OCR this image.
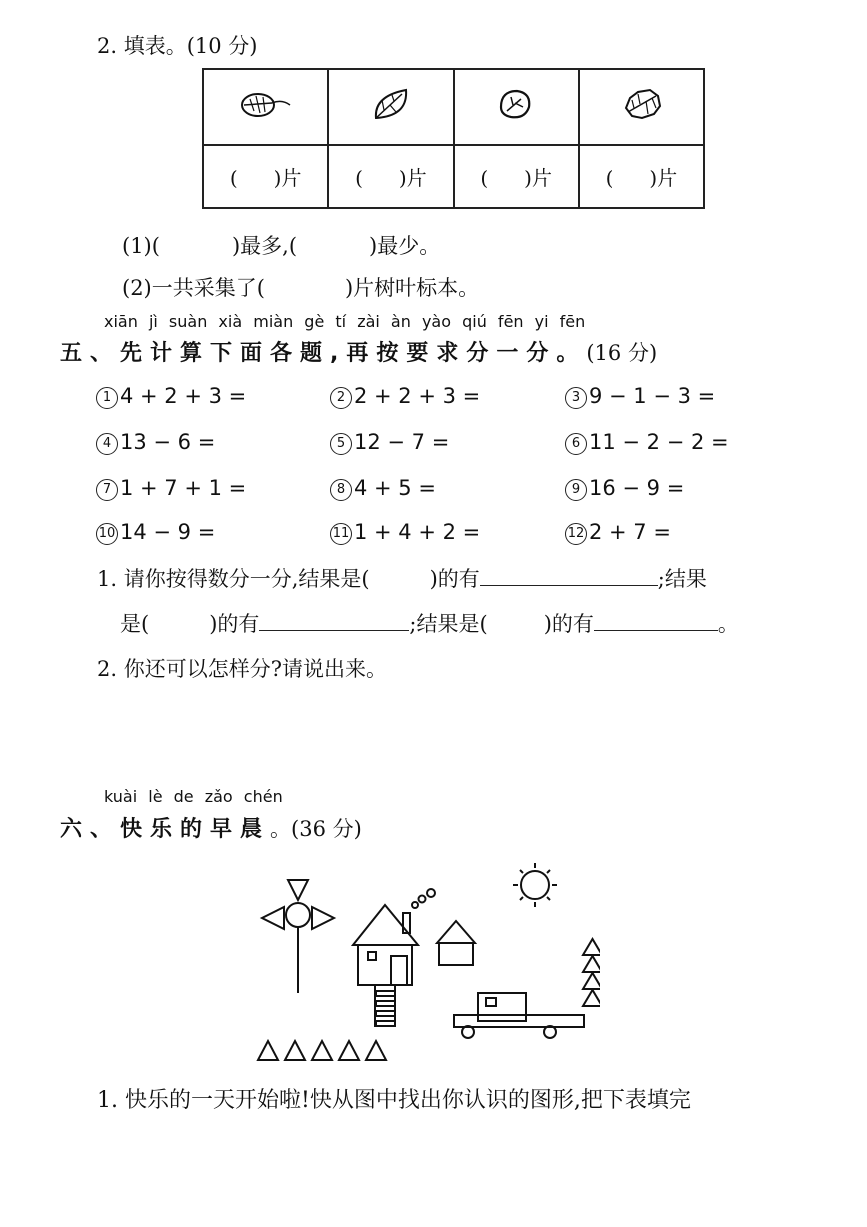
2. 填表。(10 分)

( )片	( )片	( )片	( )片
(1)(	)最多,(	)最少。
(2)一共采集了(	)片树叶标本。
xiān jì suàn xià miàn gè tí zài àn yào qiú fēn yi fēn
五、先计算下面各题,再按要求分一分。(16 分)
1 4 + 2 + 3 =	2 2 + 2 + 3 =	3 9 − 1 − 3 =
4 13 − 6 =	5 12 − 7 =	6 11 − 2 − 2 =
7 1 + 7 + 1 =	8 4 + 5 =	9 16 − 9 =
10 14 − 9 =	11 1 + 4 + 2 =	12 2 + 7 =
1. 请你按得数分一分,结果是(	)的有	;结果
是(	)的有	;结果是(	)的有	。
2. 你还可以怎样分?请说出来。
kuài lè de zǎo chén
六、快乐的早晨。(36 分)
1. 快乐的一天开始啦!快从图中找出你认识的图形,把下表填完
